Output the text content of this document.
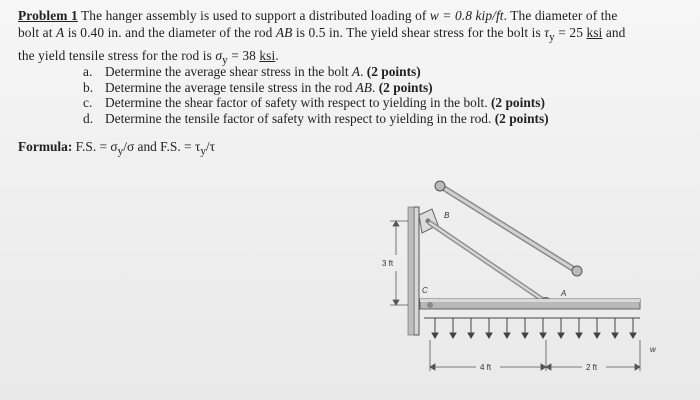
Problem 1 The hanger assembly is used to support a distributed loading of w = 0.8 kip/ft. The diameter of the
bolt at A is 0.40 in. and the diameter of the rod AB is 0.5 in. The yield shear stress for the bolt is $\tau_y = 25$ ksi and
the yield tensile stress for the rod is $\sigma_y = 38$ ksi.
a. Determine the average shear stress in the bolt A. (2 points)
b. Determine the average tensile stress in the rod AB. (2 points)
c. Determine the shear factor of safety with respect to yielding in the bolt. (2 points)
d. Determine the tensile factor of safety with respect to yielding in the rod. (2 points)
Formula: F.S. = $\sigma_y/\sigma$ and F.S. = $\tau_y/\tau$
3 ft
4 ft	2 ft
B
C	A
w
